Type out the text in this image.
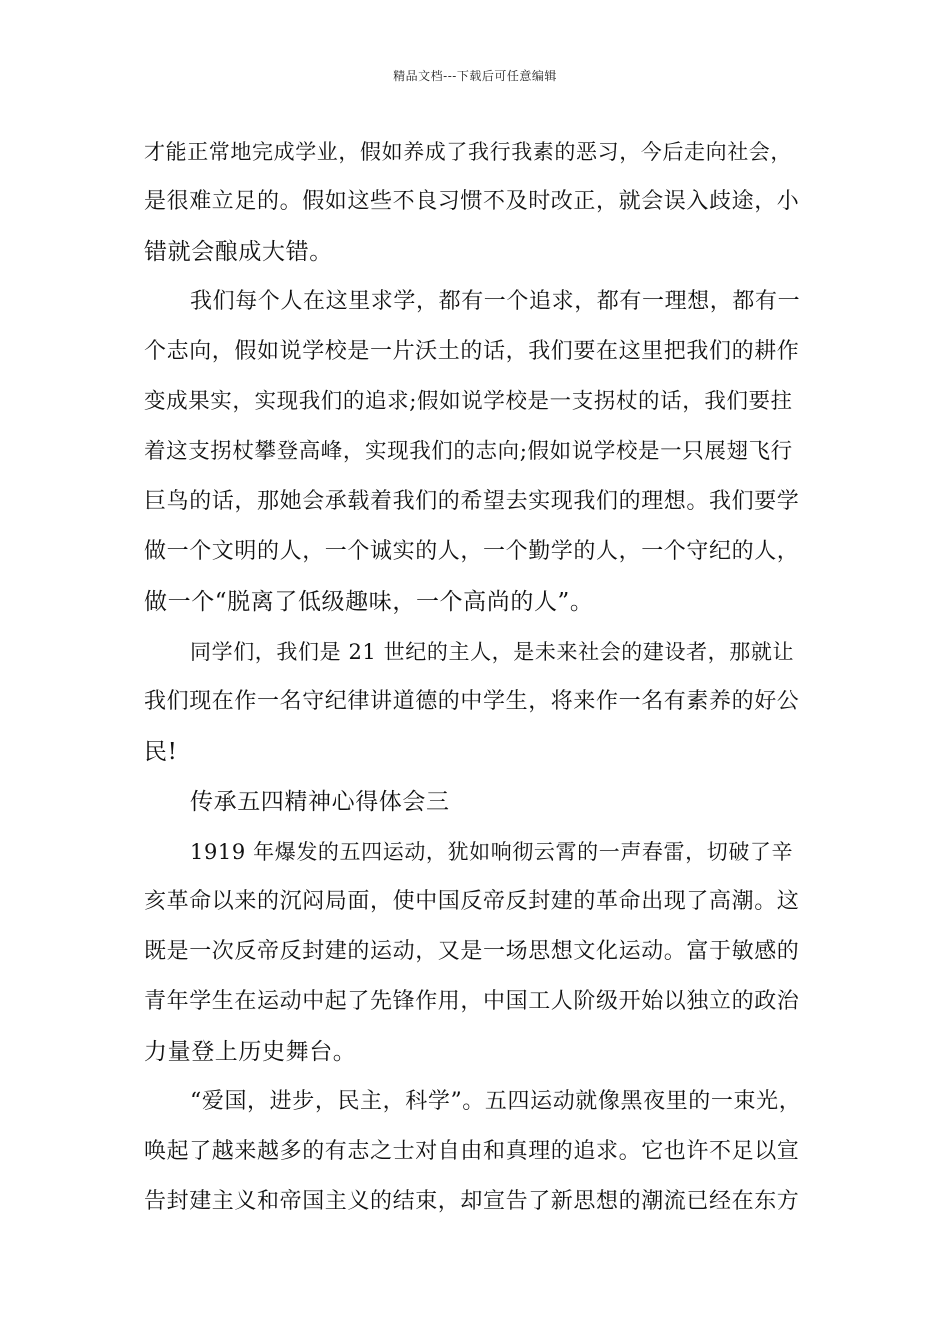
精品文档---下载后可任意编辑
才能正常地完成学业，假如养成了我行我素的恶习，今后走向社会，
是很难立足的。假如这些不良习惯不及时改正，就会误入歧途，小
错就会酿成大错。
我们每个人在这里求学，都有一个追求，都有一理想，都有一
个志向，假如说学校是一片沃土的话，我们要在这里把我们的耕作
变成果实，实现我们的追求;假如说学校是一支拐杖的话，我们要拄
着这支拐杖攀登高峰，实现我们的志向;假如说学校是一只展翅飞行
巨鸟的话，那她会承载着我们的希望去实现我们的理想。我们要学
做一个文明的人，一个诚实的人，一个勤学的人，一个守纪的人，
做一个“脱离了低级趣味，一个高尚的人”。
同学们，我们是 21 世纪的主人，是未来社会的建设者，那就让
我们现在作一名守纪律讲道德的中学生，将来作一名有素养的好公
民!
传承五四精神心得体会三
1919 年爆发的五四运动，犹如响彻云霄的一声春雷，切破了辛
亥革命以来的沉闷局面，使中国反帝反封建的革命出现了高潮。这
既是一次反帝反封建的运动，又是一场思想文化运动。富于敏感的
青年学生在运动中起了先锋作用，中国工人阶级开始以独立的政治
力量登上历史舞台。
“爱国，进步，民主，科学”。五四运动就像黑夜里的一束光，
唤起了越来越多的有志之士对自由和真理的追求。它也许不足以宣
告封建主义和帝国主义的结束，却宣告了新思想的潮流已经在东方
